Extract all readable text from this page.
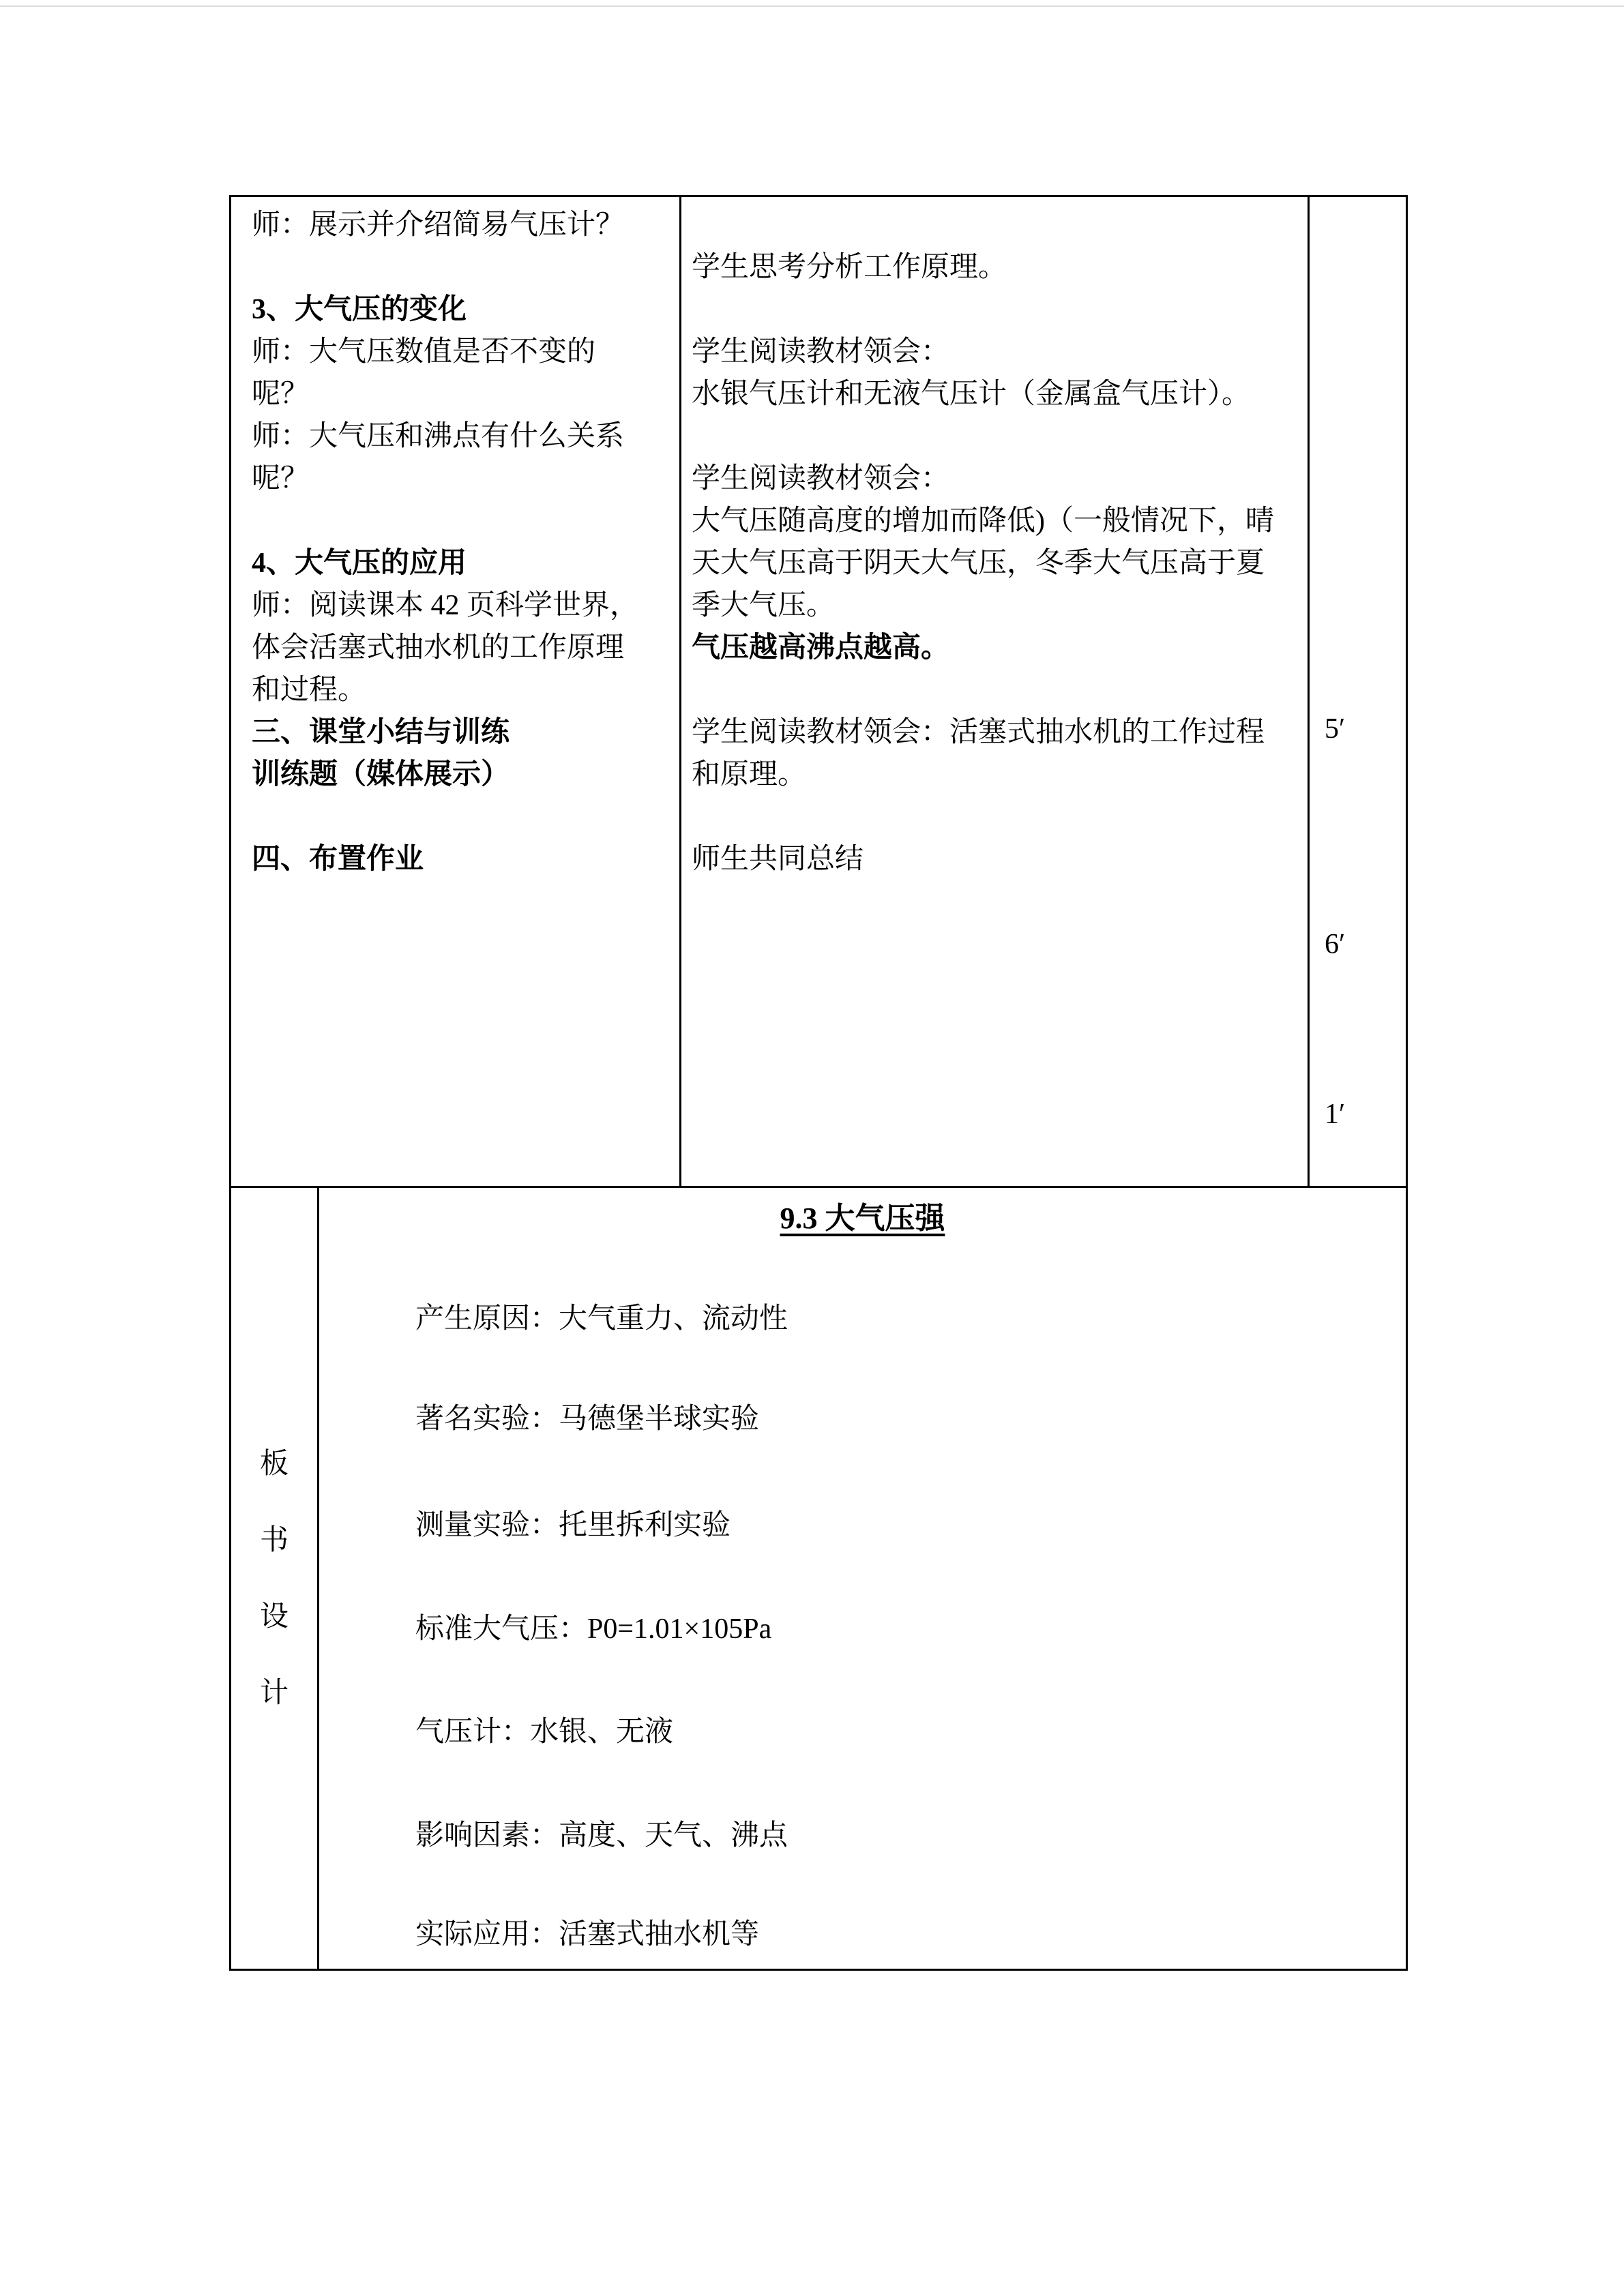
师：展示并介绍简易气压计？

3、大气压的变化

师：大气压数值是否不变的呢？

师：大气压和沸点有什么关系呢？

4、大气压的应用

师：阅读课本 42 页科学世界，体会活塞式抽水机的工作原理和过程。

三、课堂小结与训练

训练题（媒体展示）

四、布置作业

学生思考分析工作原理。

学生阅读教材领会：

水银气压计和无液气压计（金属盒气压计）。

学生阅读教材领会：

大气压随高度的增加而降低)（一般情况下，晴天大气压高于阴天大气压，冬季大气压高于夏季大气压。

气压越高沸点越高。

学生阅读教材领会：活塞式抽水机的工作过程和原理。

师生共同总结

5′

6′

1′

板
书
设
计
9.3 大气压强

产生原因：大气重力、流动性

著名实验：马德堡半球实验

测量实验：托里拆利实验

标准大气压：P0=1.01×105Pa

气压计：水银、无液

影响因素：高度、天气、沸点

实际应用：活塞式抽水机等
